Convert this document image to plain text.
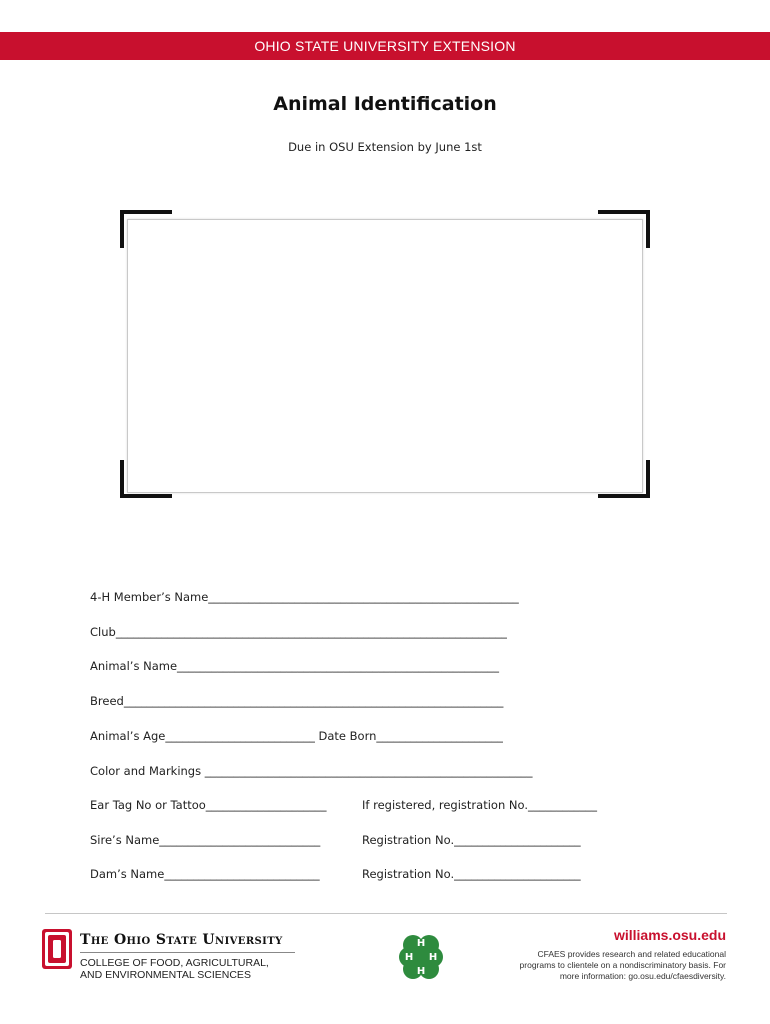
OHIO STATE UNIVERSITY EXTENSION
Animal Identification
Due in OSU Extension by June 1st
4-H Member’s Name______________________________________________________
Club____________________________________________________________________
Animal’s Name________________________________________________________
Breed__________________________________________________________________
Animal’s Age__________________________ Date Born______________________
Color and Markings _________________________________________________________
Ear Tag No or Tattoo_____________________	If registered, registration No.____________
Sire’s Name____________________________	Registration No.______________________
Dam’s Name___________________________	Registration No.______________________
The Ohio State University
COLLEGE OF FOOD, AGRICULTURAL,
AND ENVIRONMENTAL SCIENCES
H
H H
H
williams.osu.edu
CFAES provides research and related educational
programs to clientele on a nondiscriminatory basis. For
more information: go.osu.edu/cfaesdiversity.
